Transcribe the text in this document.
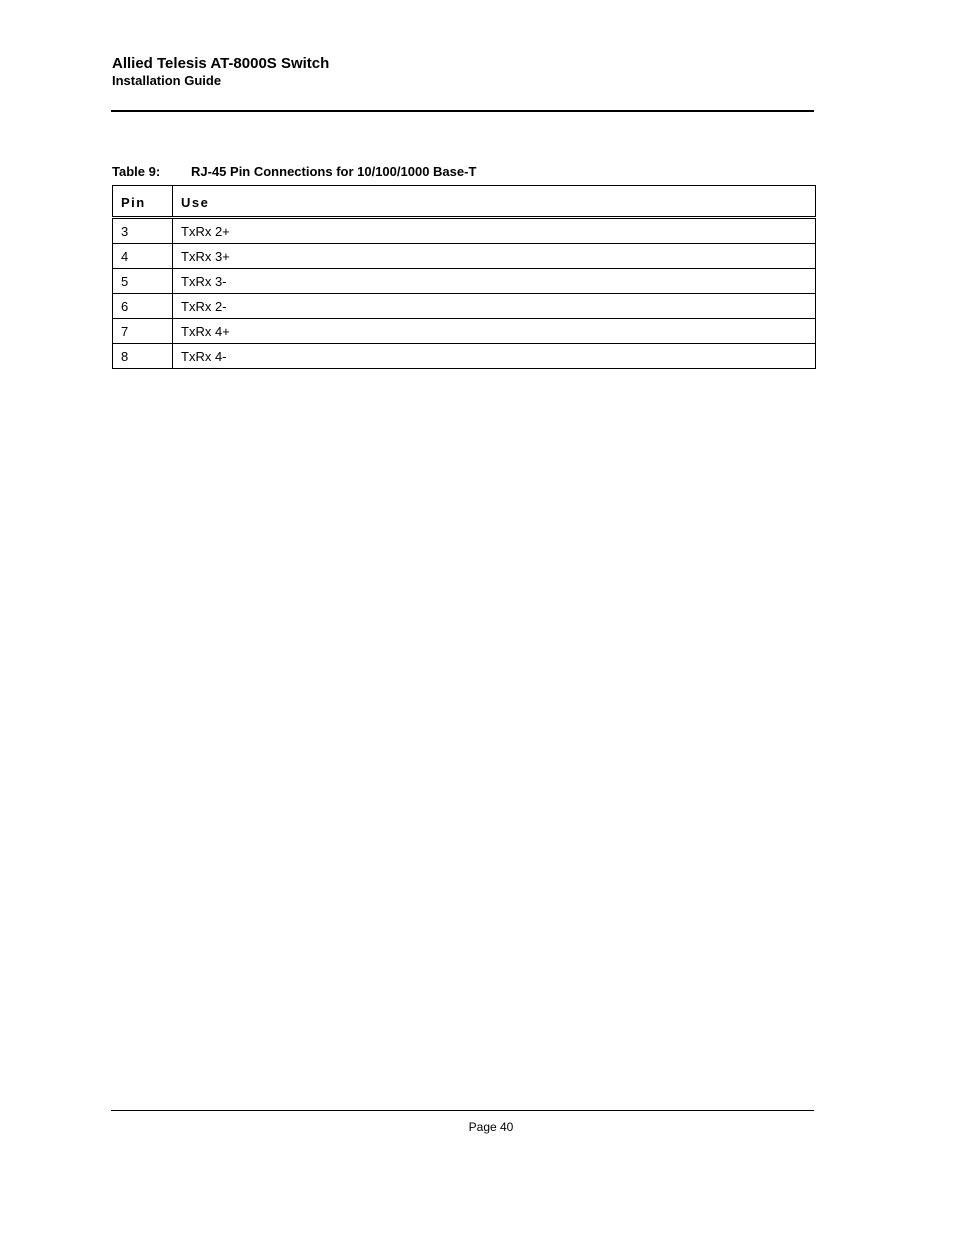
Allied Telesis AT-8000S Switch
Installation Guide
Table 9: RJ-45 Pin Connections for 10/100/1000 Base-T
Pin	Use
3	TxRx 2+
4	TxRx 3+
5	TxRx 3-
6	TxRx 2-
7	TxRx 4+
8	TxRx 4-
Page 40
